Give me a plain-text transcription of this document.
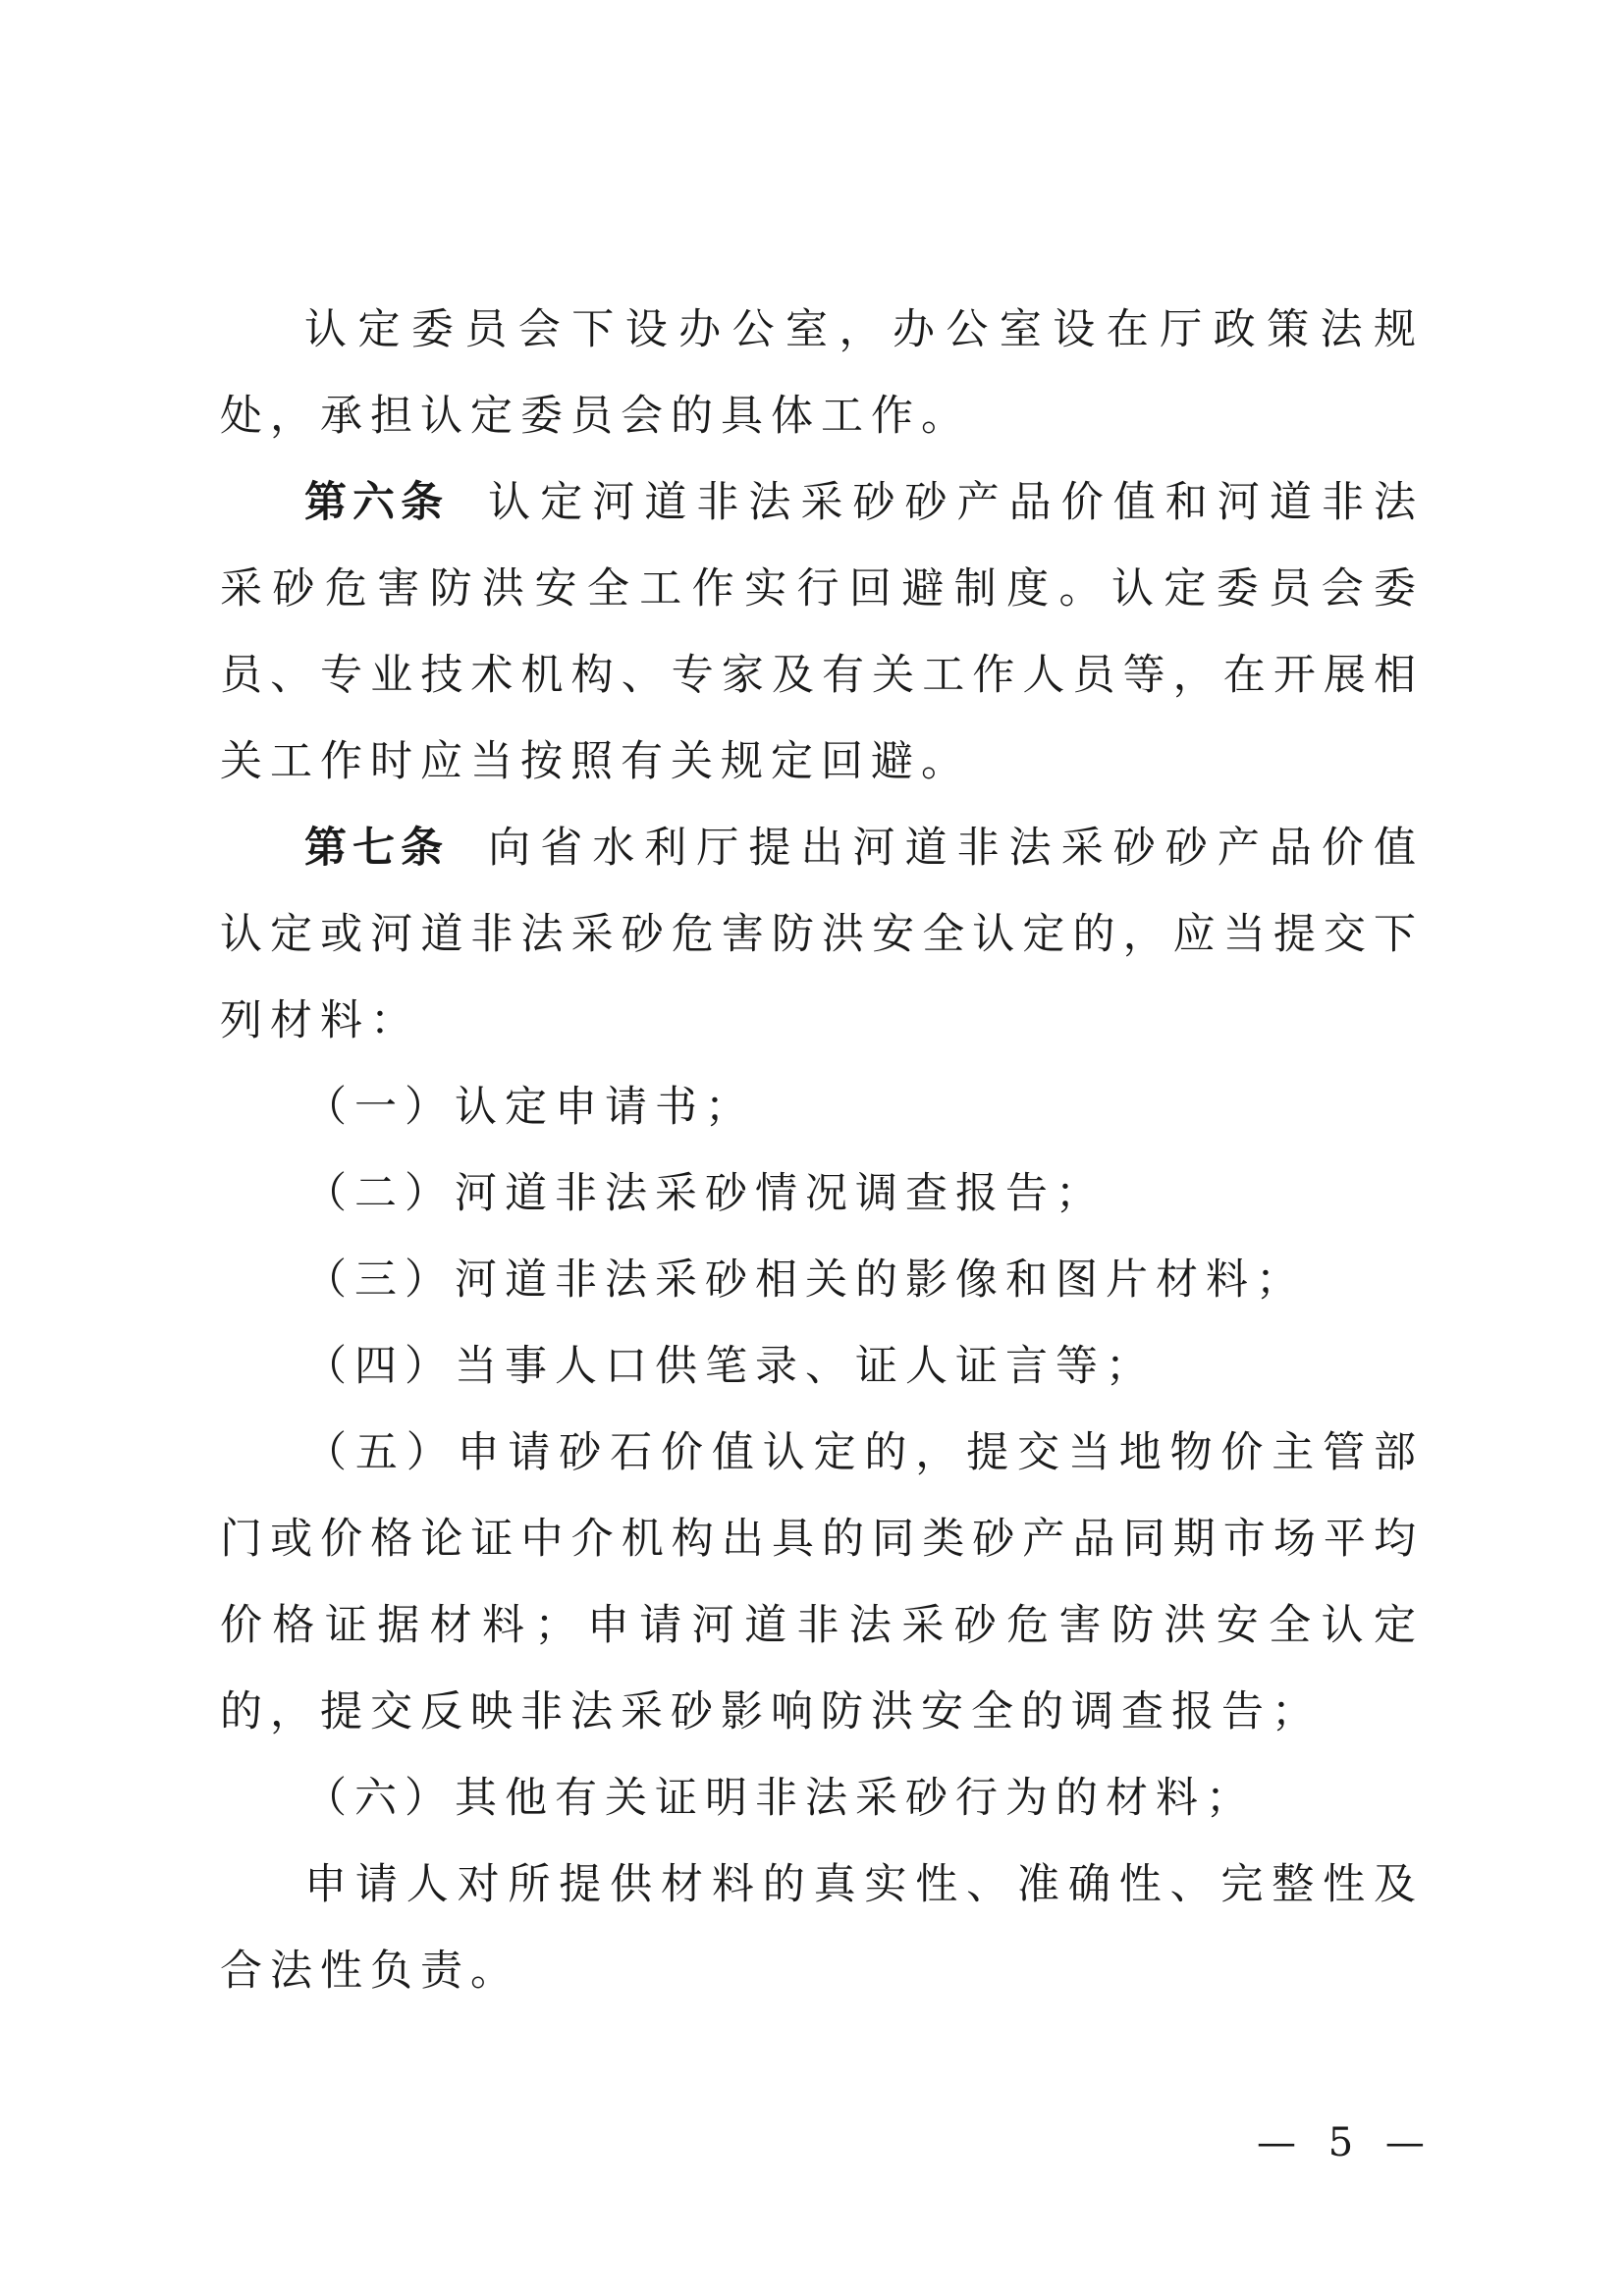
认定委员会下设办公室，办公室设在厅政策法规处，承担认定委员会的具体工作。

第六条 认定河道非法采砂砂产品价值和河道非法采砂危害防洪安全工作实行回避制度。认定委员会委员、专业技术机构、专家及有关工作人员等，在开展相关工作时应当按照有关规定回避。

第七条 向省水利厅提出河道非法采砂砂产品价值认定或河道非法采砂危害防洪安全认定的，应当提交下列材料：

（一）认定申请书；

（二）河道非法采砂情况调查报告；

（三）河道非法采砂相关的影像和图片材料；

（四）当事人口供笔录、证人证言等；

（五）申请砂石价值认定的，提交当地物价主管部门或价格论证中介机构出具的同类砂产品同期市场平均价格证据材料；申请河道非法采砂危害防洪安全认定的，提交反映非法采砂影响防洪安全的调查报告；

（六）其他有关证明非法采砂行为的材料；

申请人对所提供材料的真实性、准确性、完整性及合法性负责。

— 5 —
